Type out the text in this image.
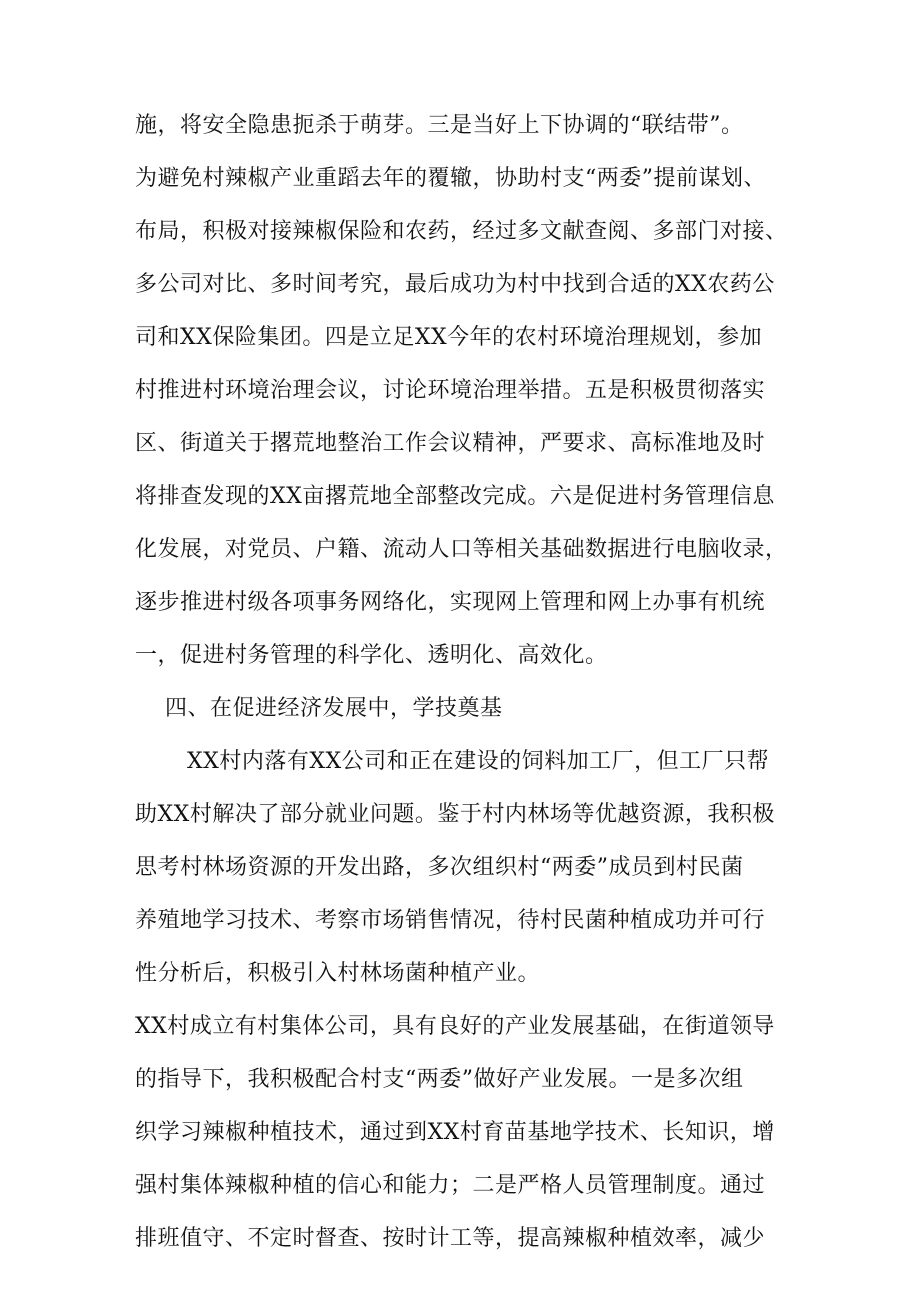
施，将安全隐患扼杀于萌芽。三是当好上下协调的“联结带”。
为避免村辣椒产业重蹈去年的覆辙，协助村支“两委”提前谋划、
布局，积极对接辣椒保险和农药，经过多文献查阅、多部门对接、
多公司对比、多时间考究，最后成功为村中找到合适的XX农药公
司和XX保险集团。四是立足XX今年的农村环境治理规划，参加
村推进村环境治理会议，讨论环境治理举措。五是积极贯彻落实
区、街道关于撂荒地整治工作会议精神，严要求、高标准地及时
将排查发现的XX亩撂荒地全部整改完成。六是促进村务管理信息
化发展，对党员、户籍、流动人口等相关基础数据进行电脑收录，
逐步推进村级各项事务网络化，实现网上管理和网上办事有机统
一，促进村务管理的科学化、透明化、高效化。
四、在促进经济发展中，学技奠基
XX村内落有XX公司和正在建设的饲料加工厂，但工厂只帮
助XX村解决了部分就业问题。鉴于村内林场等优越资源，我积极
思考村林场资源的开发出路，多次组织村“两委”成员到村民菌
养殖地学习技术、考察市场销售情况，待村民菌种植成功并可行
性分析后，积极引入村林场菌种植产业。
XX村成立有村集体公司，具有良好的产业发展基础，在街道领导
的指导下，我积极配合村支“两委”做好产业发展。一是多次组
织学习辣椒种植技术，通过到XX村育苗基地学技术、长知识，增
强村集体辣椒种植的信心和能力；二是严格人员管理制度。通过
排班值守、不定时督查、按时计工等，提高辣椒种植效率，减少
